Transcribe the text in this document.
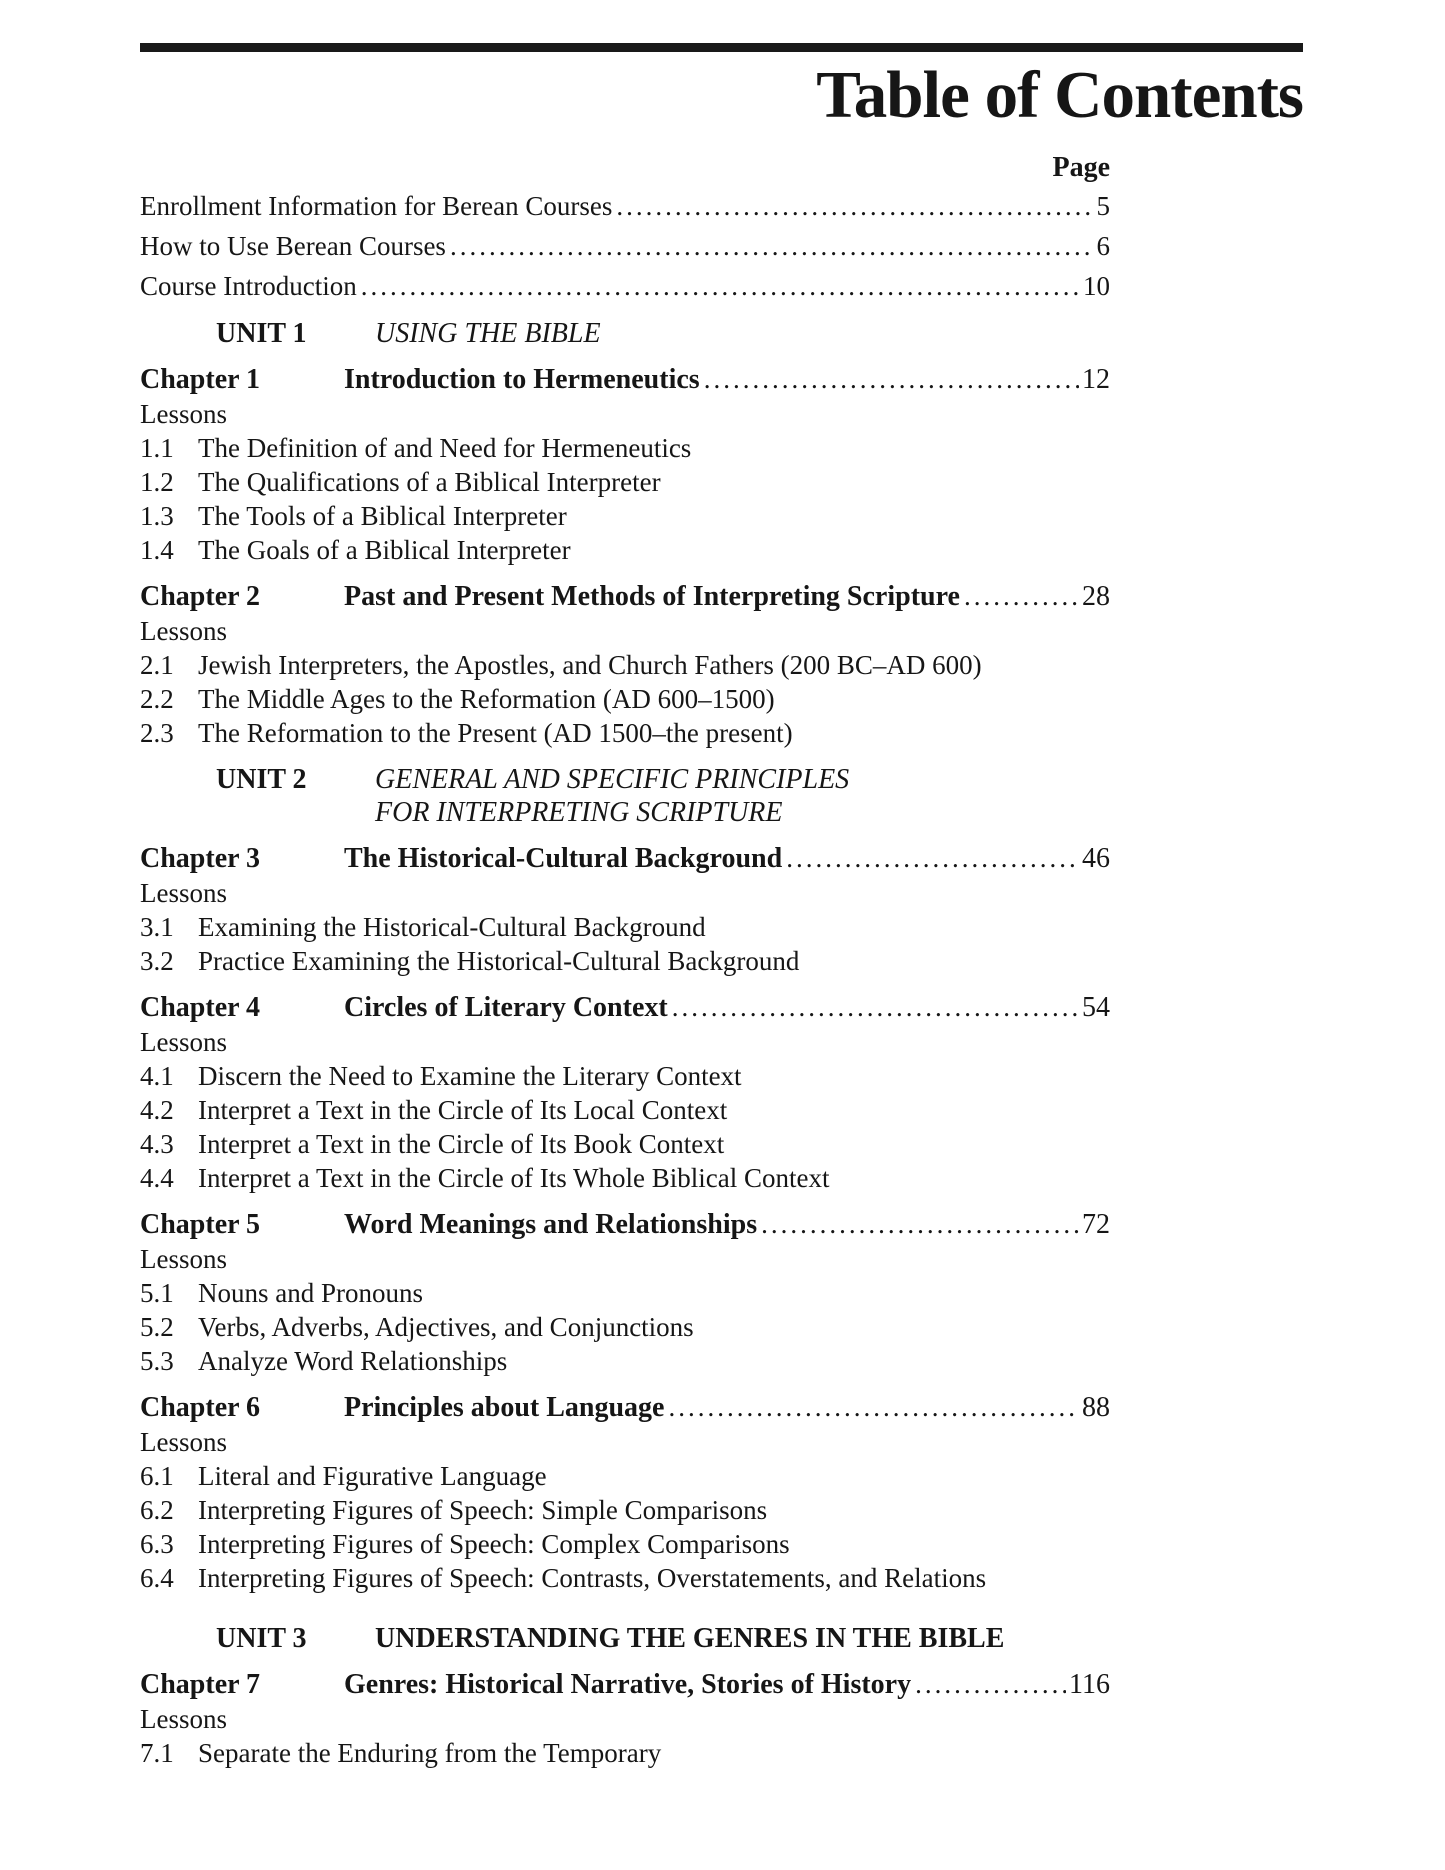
Table of Contents
Page
Enrollment Information for Berean Courses .....	5
How to Use Berean Courses .....	6
Course Introduction .....	10
UNIT 1	USING THE BIBLE
Chapter 1	Introduction to Hermeneutics .....	12
Lessons
1.1 The Definition of and Need for Hermeneutics
1.2 The Qualifications of a Biblical Interpreter
1.3 The Tools of a Biblical Interpreter
1.4 The Goals of a Biblical Interpreter
Chapter 2	Past and Present Methods of Interpreting Scripture .....	28
Lessons
2.1 Jewish Interpreters, the Apostles, and Church Fathers (200 BC–AD 600)
2.2 The Middle Ages to the Reformation (AD 600–1500)
2.3 The Reformation to the Present (AD 1500–the present)
UNIT 2	GENERAL AND SPECIFIC PRINCIPLES
FOR INTERPRETING SCRIPTURE
Chapter 3	The Historical-Cultural Background .....	46
Lessons
3.1 Examining the Historical-Cultural Background
3.2 Practice Examining the Historical-Cultural Background
Chapter 4	Circles of Literary Context .....	54
Lessons
4.1 Discern the Need to Examine the Literary Context
4.2 Interpret a Text in the Circle of Its Local Context
4.3 Interpret a Text in the Circle of Its Book Context
4.4 Interpret a Text in the Circle of Its Whole Biblical Context
Chapter 5	Word Meanings and Relationships .....	72
Lessons
5.1 Nouns and Pronouns
5.2 Verbs, Adverbs, Adjectives, and Conjunctions
5.3 Analyze Word Relationships
Chapter 6	Principles about Language .....	88
Lessons
6.1 Literal and Figurative Language
6.2 Interpreting Figures of Speech: Simple Comparisons
6.3 Interpreting Figures of Speech: Complex Comparisons
6.4 Interpreting Figures of Speech: Contrasts, Overstatements, and Relations
UNIT 3	UNDERSTANDING THE GENRES IN THE BIBLE
Chapter 7	Genres: Historical Narrative, Stories of History .....	116
Lessons
7.1 Separate the Enduring from the Temporary
